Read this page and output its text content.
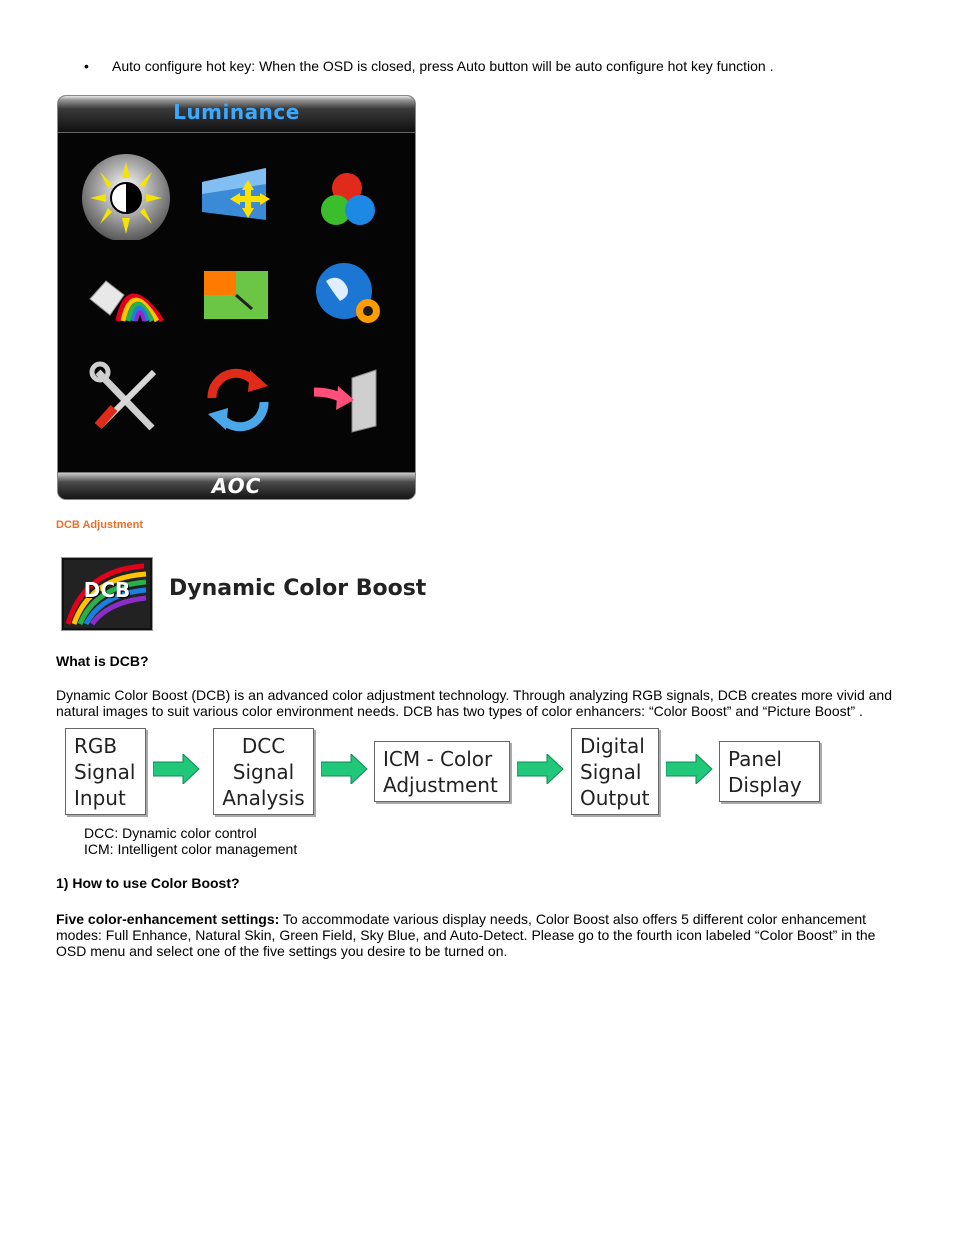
• Auto configure hot key: When the OSD is closed, press Auto button will be auto configure hot key function .
Luminance
AOC
DCB Adjustment
DCB	Dynamic Color Boost
What is DCB?
Dynamic Color Boost (DCB) is an advanced color adjustment technology. Through analyzing RGB signals, DCB creates more vivid and natural images to suit various color environment needs. DCB has two types of color enhancers: “Color Boost” and “Picture Boost” .
RGB
Signal
Input
DCC
Signal
Analysis
ICM - Color
Adjustment
Digital
Signal
Output
Panel
Display
DCC: Dynamic color control
ICM: Intelligent color management
1) How to use Color Boost?
Five color-enhancement settings: To accommodate various display needs, Color Boost also offers 5 different color enhancement modes: Full Enhance, Natural Skin, Green Field, Sky Blue, and Auto-Detect. Please go to the fourth icon labeled “Color Boost” in the OSD menu and select one of the five settings you desire to be turned on.
